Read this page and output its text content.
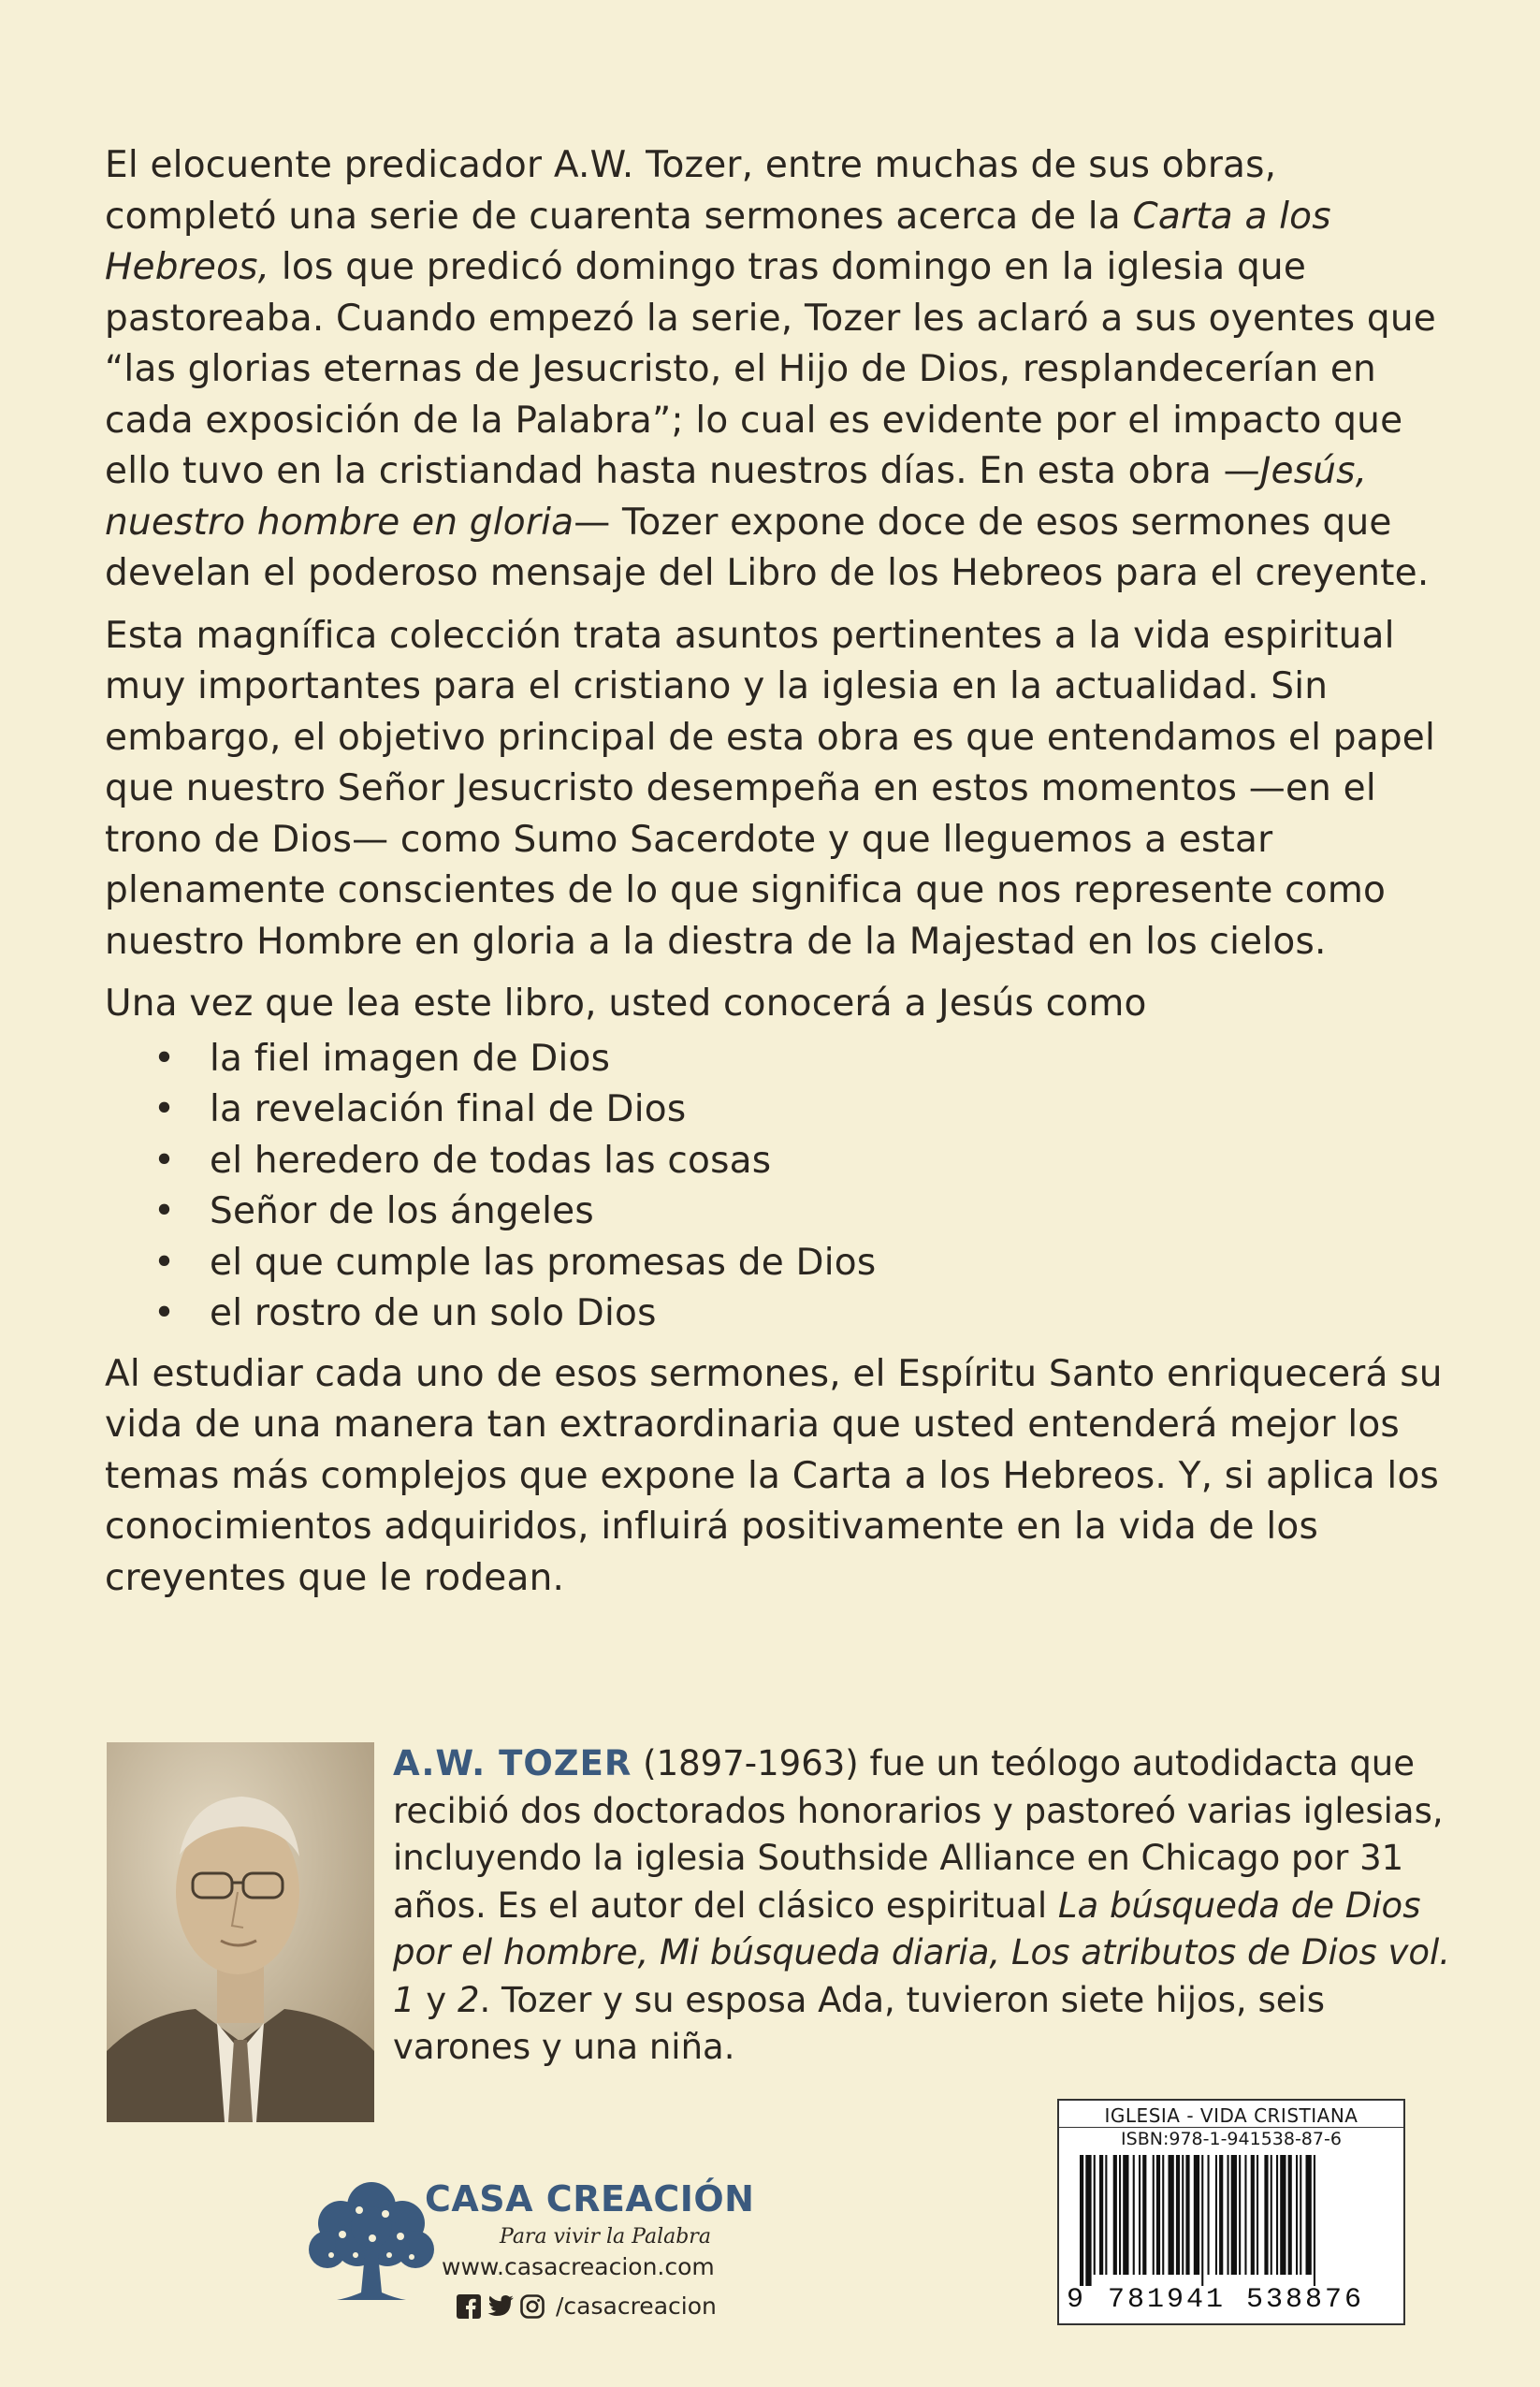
El elocuente predicador A.W. Tozer, entre muchas de sus obras, completó una serie de cuarenta sermones acerca de la Carta a los Hebreos, los que predicó domingo tras domingo en la iglesia que pastoreaba. Cuando empezó la serie, Tozer les aclaró a sus oyentes que “las glorias eternas de Jesucristo, el Hijo de Dios, resplandecerían en cada exposición de la Palabra”; lo cual es evidente por el impacto que ello tuvo en la cristiandad hasta nuestros días. En esta obra —Jesús, nuestro hombre en gloria— Tozer expone doce de esos sermones que develan el poderoso mensaje del Libro de los Hebreos para el creyente.

Esta magnífica colección trata asuntos pertinentes a la vida espiritual muy importantes para el cristiano y la iglesia en la actualidad. Sin embargo, el objetivo principal de esta obra es que entendamos el papel que nuestro Señor Jesucristo desempeña en estos momentos —en el trono de Dios— como Sumo Sacerdote y que lleguemos a estar plenamente conscientes de lo que significa que nos represente como nuestro Hombre en gloria a la diestra de la Majestad en los cielos.

Una vez que lea este libro, usted conocerá a Jesús como

• la fiel imagen de Dios
• la revelación final de Dios
• el heredero de todas las cosas
• Señor de los ángeles
• el que cumple las promesas de Dios
• el rostro de un solo Dios

Al estudiar cada uno de esos sermones, el Espíritu Santo enriquecerá su vida de una manera tan extraordinaria que usted entenderá mejor los temas más complejos que expone la Carta a los Hebreos. Y, si aplica los conocimientos adquiridos, influirá positivamente en la vida de los creyentes que le rodean.

A.W. TOZER (1897-1963) fue un teólogo autodidacta que recibió dos doctorados honorarios y pastoreó varias iglesias, incluyendo la iglesia Southside Alliance en Chicago por 31 años. Es el autor del clásico espiritual La búsqueda de Dios por el hombre, Mi búsqueda diaria, Los atributos de Dios vol. 1 y 2. Tozer y su esposa Ada, tuvieron siete hijos, seis varones y una niña.
CASA CREACIÓN
Para vivir la Palabra
www.casacreacion.com
/casacreacion
IGLESIA - VIDA CRISTIANA
ISBN:978-1-941538-87-6
9 781941 538876
